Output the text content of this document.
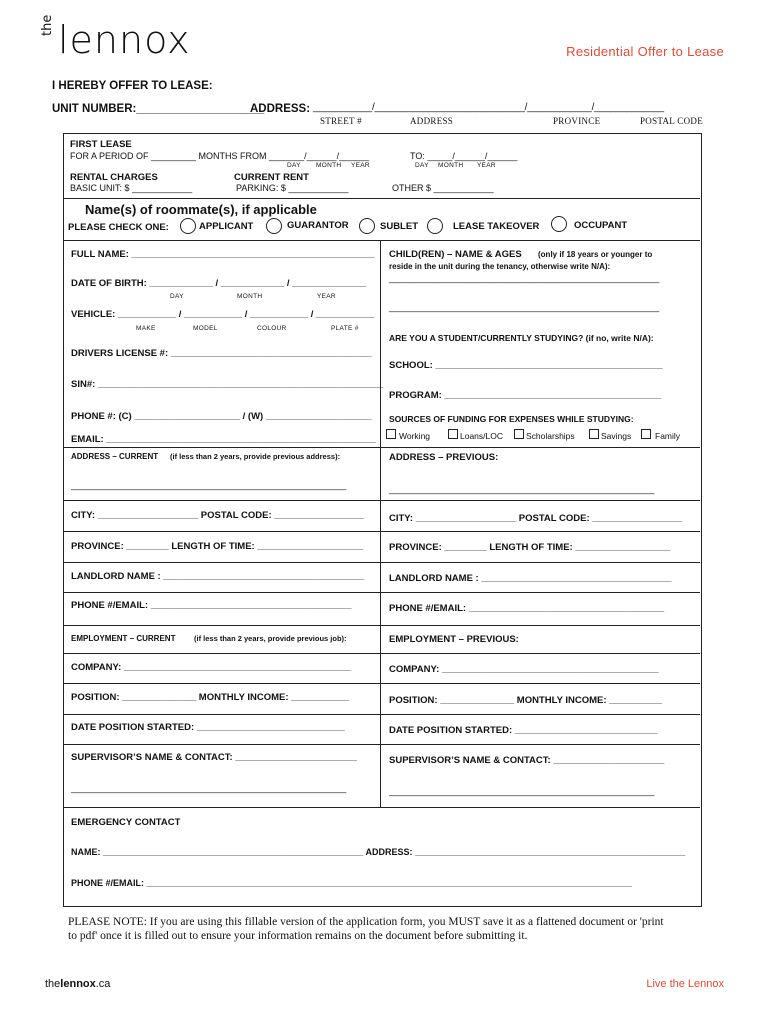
the lennox	Residential Offer to Lease
I HEREBY OFFER TO LEASE:
UNIT NUMBER:____________________
ADDRESS: ___________/____________________________/____________/_____________
STREET #	ADDRESS	PROVINCE	POSTAL CODE
FIRST LEASE
FOR A PERIOD OF _________ MONTHS FROM _______/______/______
DAY MONTH YEAR
TO: _____/______/______
DAY MONTH YEAR
RENTAL CHARGES
BASIC UNIT: $ ____________
CURRENT RENT
PARKING: $ ____________	OTHER $ ____________
Name(s) of roommate(s), if applicable
PLEASE CHECK ONE:	APPLICANT	GUARANTOR	SUBLET	LEASE TAKEOVER	OCCUPANT
FULL NAME: ______________________________________________
DATE OF BIRTH: ____________ / ____________ / ______________
DAY	MONTH	YEAR
VEHICLE: ___________ / ___________ / ___________ / ___________
MAKE	MODEL	COLOUR	PLATE #
DRIVERS LICENSE #: ______________________________________
SIN#: ______________________________________________________
PHONE #: (C) ____________________ / (W) ____________________
EMAIL: ___________________________________________________
CHILD(REN) – NAME & AGES (only if 18 years or younger to
reside in the unit during the tenancy, otherwise write N/A):
______________________________________________________
______________________________________________________
ARE YOU A STUDENT/CURRENTLY STUDYING? (if no, write N/A):
SCHOOL: ___________________________________________
PROGRAM: _________________________________________
SOURCES OF FUNDING FOR EXPENSES WHILE STUDYING:
Working	Loans/LOC	Scholarships	Savings	Family
ADDRESS – CURRENT (if less than 2 years, provide previous address):	ADDRESS – PREVIOUS:
_______________________________________________________	_____________________________________________________
CITY: ___________________ POSTAL CODE: _________________	CITY: ___________________ POSTAL CODE: _________________
PROVINCE: ________ LENGTH OF TIME: ____________________	PROVINCE: ________ LENGTH OF TIME: __________________
LANDLORD NAME : ______________________________________	LANDLORD NAME : ____________________________________
PHONE #/EMAIL: ______________________________________	PHONE #/EMAIL: _____________________________________
EMPLOYMENT – CURRENT (if less than 2 years, provide previous job):	EMPLOYMENT – PREVIOUS:
COMPANY: ___________________________________________	COMPANY: _________________________________________
POSITION: ______________ MONTHLY INCOME: ___________	POSITION: ______________ MONTHLY INCOME: __________
DATE POSITION STARTED: ____________________________	DATE POSITION STARTED: ___________________________
SUPERVISOR’S NAME & CONTACT: _______________________	SUPERVISOR’S NAME & CONTACT: _____________________
_______________________________________________________	_____________________________________________________
EMERGENCY CONTACT
NAME: ____________________________________________________ ADDRESS: ______________________________________________________
PHONE #/EMAIL: _________________________________________________________________________________________________
PLEASE NOTE: If you are using this fillable version of the application form, you MUST save it as a flattened document or 'print to pdf' once it is filled out to ensure your information remains on the document before submitting it.
thelennox.ca	Live the Lennox
